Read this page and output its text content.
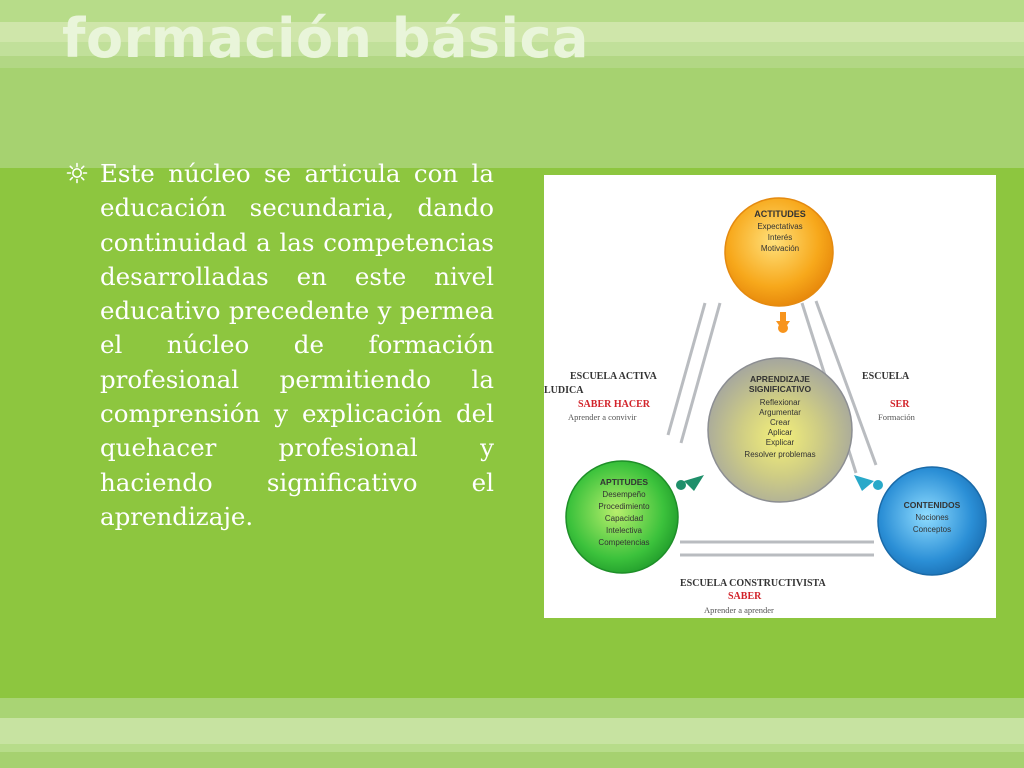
formación básica

Este núcleo se articula con la educación secundaria, dando continuidad a las competencias desarrolladas en este nivel educativo precedente y permea el núcleo de formación profesional permitiendo la comprensión y explicación del quehacer profesional y haciendo significativo el aprendizaje.

ACTITUDES
Expectativas
Interés
Motivación
APRENDIZAJE
SIGNIFICATIVO
Reflexionar
Argumentar
Crear
Aplicar
Explicar
Resolver problemas
APTITUDES
Desempeño
Procedimiento
Capacidad
Intelectiva
Competencias
CONTENIDOS
Nociones
Conceptos
ESCUELA ACTIVA
LUDICA
SABER HACER
Aprender a convivir
ESCUELA
SER
Formación
ESCUELA CONSTRUCTIVISTA
SABER
Aprender a aprender
